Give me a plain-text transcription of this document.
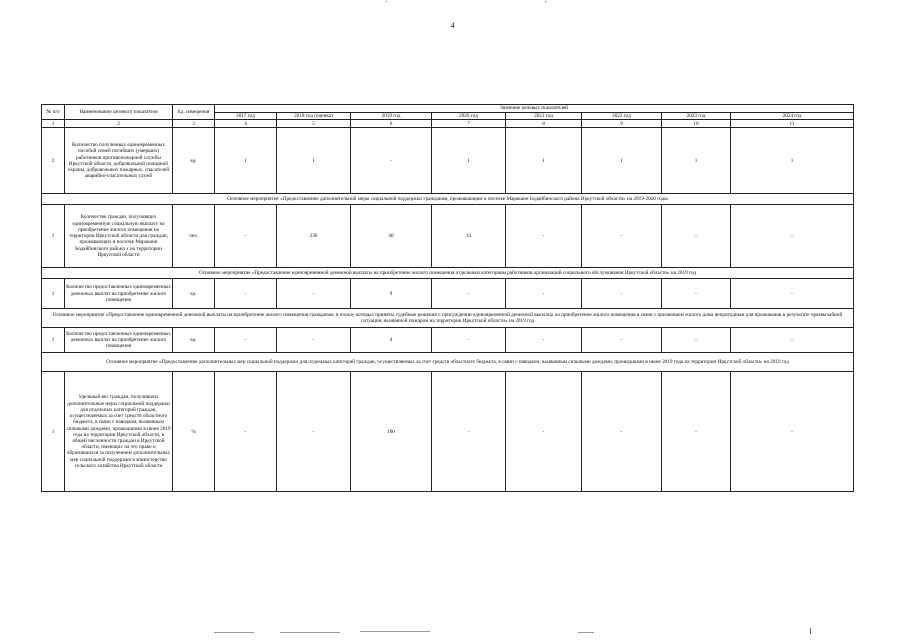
4
№ п/п	Наименование целевого показателя	Ед. измерения	Значение целевых показателей							
			2017 год	2018 год (оценка)	2019 год	2020 год	2021 год	2022 год	2023 год	2024 год
1	2	3	4	5	6	7	8	9	10	11
2	Количество полученных единовременных пособий семей погибших (умерших) работников противопожарной службы Иркутской области, добровольной пожарной охраны, добровольных пожарных, спасателей аварийно-спасательных служб	ед.	1	1	-	1	1	1	1	1
Основное мероприятие «Предоставление дополнительной меры социальной поддержки гражданам, проживающим в поселке Мараканн Бодайбинского района Иркутской области» на 2019-2020 годы										
1	Количество граждан, получивших единовременную социальную выплату на приобретение жилого помещения на территории Иркутской области для граждан, проживающих в поселке Мараканн Бодайбинского района х на территории Иркутской области	чел.	-	230	40	14	-	-	-	-
Основное мероприятие «Предоставление единовременной денежной выплаты на приобретение жилого помещения отдельным категориям работников организаций социального обслуживания Иркутской области» на 2019 год										
1	Количество предоставленных единовременных денежных выплат на приобретение жилого помещения	ед.	-	-	9	-	-	-	-	-
Основное мероприятие «Предоставление единовременной денежной выплаты на приобретение жилого помещения гражданам, в пользу которых приняты судебные решения о присуждении единовременной денежной выплаты на приобретение жилого помещения в связи с признанием жилого дома непригодным для проживания в результате чрезвычайной ситуации, вызванной пожаром на территории Иркутской области» на 2019 год										
1	Количество предоставленных единовременных денежных выплат на приобретение жилого помещения	ед.	-	-	4	-	-	-	-	-
Основное мероприятие «Предоставление дополнительных мер социальной поддержки для отдельных категорий граждан, осуществляемых за счет средств областного бюджета, в связи с паводком, вызванным сильными дождями, прошедшими в июне 2019 года на территории Иркутской области» на 2019 год										
1	Удельный вес граждан, получивших дополнительные меры социальной поддержки для отдельных категорий граждан, осуществляемых за счет средств областного бюджета, в связи с паводком, вызванным сильными дождями, прошедшими в июне 2019 года на территории Иркутской области, в общей численности граждан в Иркутской области, имеющих на это право и обратившихся за получением дополнительных мер социальной поддержки в министерство сельского хозяйства Иркутской области	%	-	-	100	-	-	-	-	-
